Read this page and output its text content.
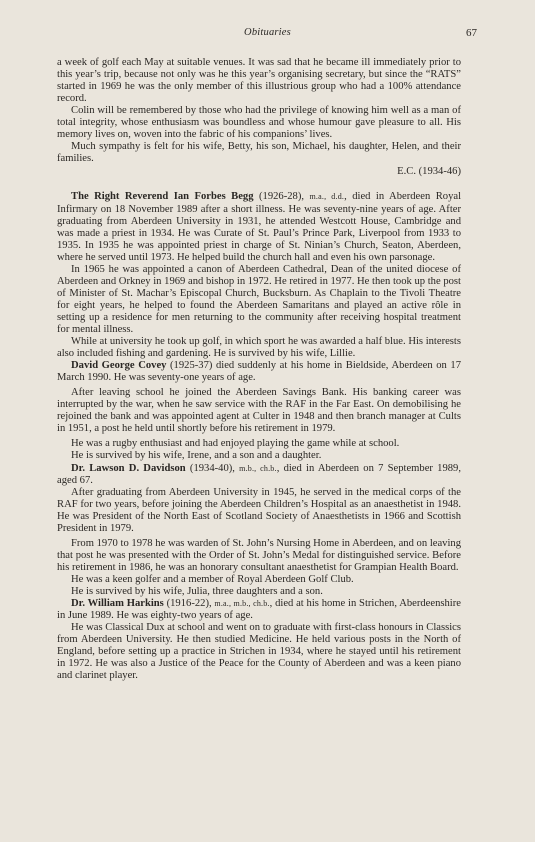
Obituaries	67

a week of golf each May at suitable venues. It was sad that he became ill immediately prior to this year’s trip, because not only was he this year’s organising secretary, but since the “RATS” started in 1969 he was the only member of this illustrious group who had a 100% attendance record.

Colin will be remembered by those who had the privilege of knowing him well as a man of total integrity, whose enthusiasm was boundless and whose humour gave pleasure to all. His memory lives on, woven into the fabric of his companions’ lives.

Much sympathy is felt for his wife, Betty, his son, Michael, his daughter, Helen, and their families.

E.C. (1934-46)

The Right Reverend Ian Forbes Begg (1926-28), m.a., d.d., died in Aberdeen Royal Infirmary on 18 November 1989 after a short illness. He was seventy-nine years of age. After graduating from Aberdeen University in 1931, he attended Westcott House, Cambridge and was made a priest in 1934. He was Curate of St. Paul’s Prince Park, Liverpool from 1933 to 1935. In 1935 he was appointed priest in charge of St. Ninian’s Church, Seaton, Aberdeen, where he served until 1973. He helped build the church hall and even his own parsonage.

In 1965 he was appointed a canon of Aberdeen Cathedral, Dean of the united diocese of Aberdeen and Orkney in 1969 and bishop in 1972. He retired in 1977. He then took up the post of Minister of St. Machar’s Episcopal Church, Bucksburn. As Chaplain to the Tivoli Theatre for eight years, he helped to found the Aberdeen Samaritans and played an active rôle in setting up a residence for men returning to the community after receiving hospital treatment for mental illness.

While at university he took up golf, in which sport he was awarded a half blue. His interests also included fishing and gardening. He is survived by his wife, Lillie.

David George Covey (1925-37) died suddenly at his home in Bieldside, Aberdeen on 17 March 1990. He was seventy-one years of age.

After leaving school he joined the Aberdeen Savings Bank. His banking career was interrupted by the war, when he saw service with the RAF in the Far East. On demobilising he rejoined the bank and was appointed agent at Culter in 1948 and then branch manager at Cults in 1951, a post he held until shortly before his retirement in 1979.

He was a rugby enthusiast and had enjoyed playing the game while at school.

He is survived by his wife, Irene, and a son and a daughter.

Dr. Lawson D. Davidson (1934-40), m.b., ch.b., died in Aberdeen on 7 September 1989, aged 67.

After graduating from Aberdeen University in 1945, he served in the medical corps of the RAF for two years, before joining the Aberdeen Children’s Hospital as an anaesthetist in 1948. He was President of the North East of Scotland Society of Anaesthetists in 1966 and Scottish President in 1979.

From 1970 to 1978 he was warden of St. John’s Nursing Home in Aberdeen, and on leaving that post he was presented with the Order of St. John’s Medal for distinguished service. Before his retirement in 1986, he was an honorary consultant anaesthetist for Grampian Health Board.

He was a keen golfer and a member of Royal Aberdeen Golf Club.

He is survived by his wife, Julia, three daughters and a son.

Dr. William Harkins (1916-22), m.a., m.b., ch.b., died at his home in Strichen, Aberdeenshire in June 1989. He was eighty-two years of age.

He was Classical Dux at school and went on to graduate with first-class honours in Classics from Aberdeen University. He then studied Medicine. He held various posts in the North of England, before setting up a practice in Strichen in 1934, where he stayed until his retirement in 1972. He was also a Justice of the Peace for the County of Aberdeen and was a keen piano and clarinet player.
